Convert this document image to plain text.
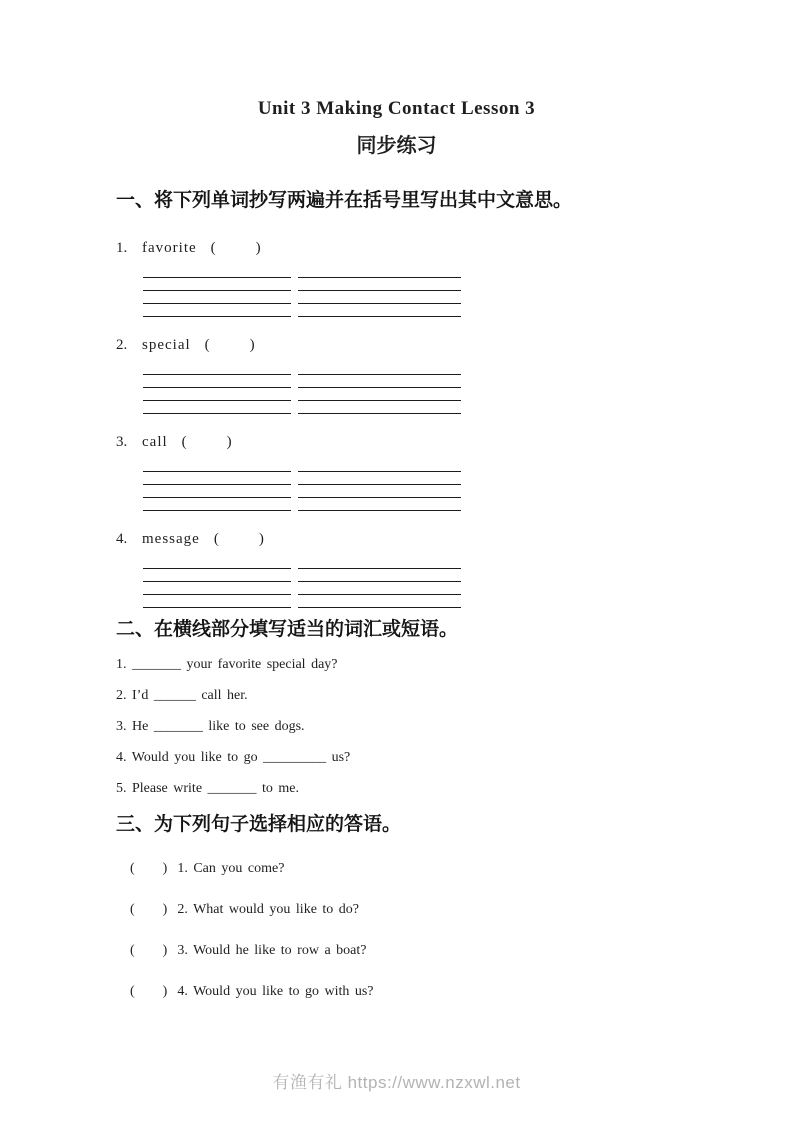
Unit 3 Making Contact Lesson 3
同步练习
一、将下列单词抄写两遍并在括号里写出其中文意思。
1. favorite (	)
2. special (	)
3. call (	)
4. message (	)
二、在横线部分填写适当的词汇或短语。

1. _______ your favorite special day?

2. I’d ______ call her.

3. He _______ like to see dogs.

4. Would you like to go _________ us?

5. Please write _______ to me.

三、为下列句子选择相应的答语。

( ) 1. Can you come?

( ) 2. What would you like to do?

( ) 3. Would he like to row a boat?

( ) 4. Would you like to go with us?

有渔有礼 https://www.nzxwl.net
